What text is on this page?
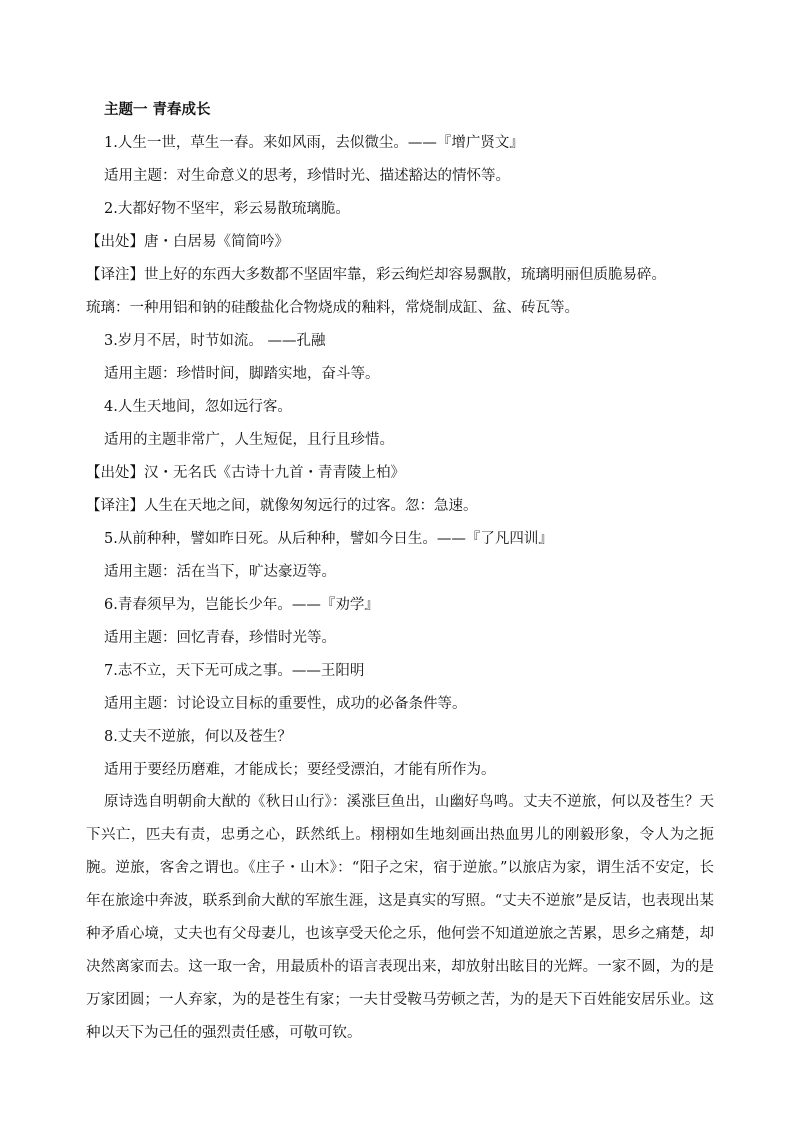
主题一 青春成长
1.人生一世，草生一春。来如风雨，去似微尘。——『增广贤文』
适用主题：对生命意义的思考，珍惜时光、描述豁达的情怀等。
2.大都好物不坚牢，彩云易散琉璃脆。
【出处】唐・白居易《简简吟》
【译注】世上好的东西大多数都不坚固牢靠，彩云绚烂却容易飘散，琉璃明丽但质脆易碎。
琉璃：一种用铝和钠的硅酸盐化合物烧成的釉料，常烧制成缸、盆、砖瓦等。
3.岁月不居，时节如流。 ——孔融
适用主题：珍惜时间，脚踏实地，奋斗等。
4.人生天地间，忽如远行客。
适用的主题非常广，人生短促，且行且珍惜。
【出处】汉・无名氏《古诗十九首・青青陵上柏》
【译注】人生在天地之间，就像匆匆远行的过客。忽：急速。
5.从前种种，譬如昨日死。从后种种，譬如今日生。——『了凡四训』
适用主题：活在当下，旷达豪迈等。
6.青春须早为，岂能长少年。——『劝学』
适用主题：回忆青春，珍惜时光等。
7.志不立，天下无可成之事。——王阳明
适用主题：讨论设立目标的重要性，成功的必备条件等。
8.丈夫不逆旅，何以及苍生？
适用于要经历磨难，才能成长；要经受漂泊，才能有所作为。
原诗选自明朝俞大猷的《秋日山行》：溪涨巨鱼出，山幽好鸟鸣。丈夫不逆旅，何以及苍生？天下兴亡，匹夫有责，忠勇之心，跃然纸上。栩栩如生地刻画出热血男儿的刚毅形象，令人为之扼腕。逆旅，客舍之谓也。《庄子・山木》：“阳子之宋，宿于逆旅。”以旅店为家，谓生活不安定，长年在旅途中奔波，联系到俞大猷的军旅生涯，这是真实的写照。“丈夫不逆旅”是反诘，也表现出某种矛盾心境，丈夫也有父母妻儿，也该享受天伦之乐，他何尝不知道逆旅之苦累，思乡之痛楚，却决然离家而去。这一取一舍，用最质朴的语言表现出来，却放射出眩目的光辉。一家不圆，为的是万家团圆；一人弃家，为的是苍生有家；一夫甘受鞍马劳顿之苦，为的是天下百姓能安居乐业。这种以天下为己任的强烈责任感，可敬可钦。
